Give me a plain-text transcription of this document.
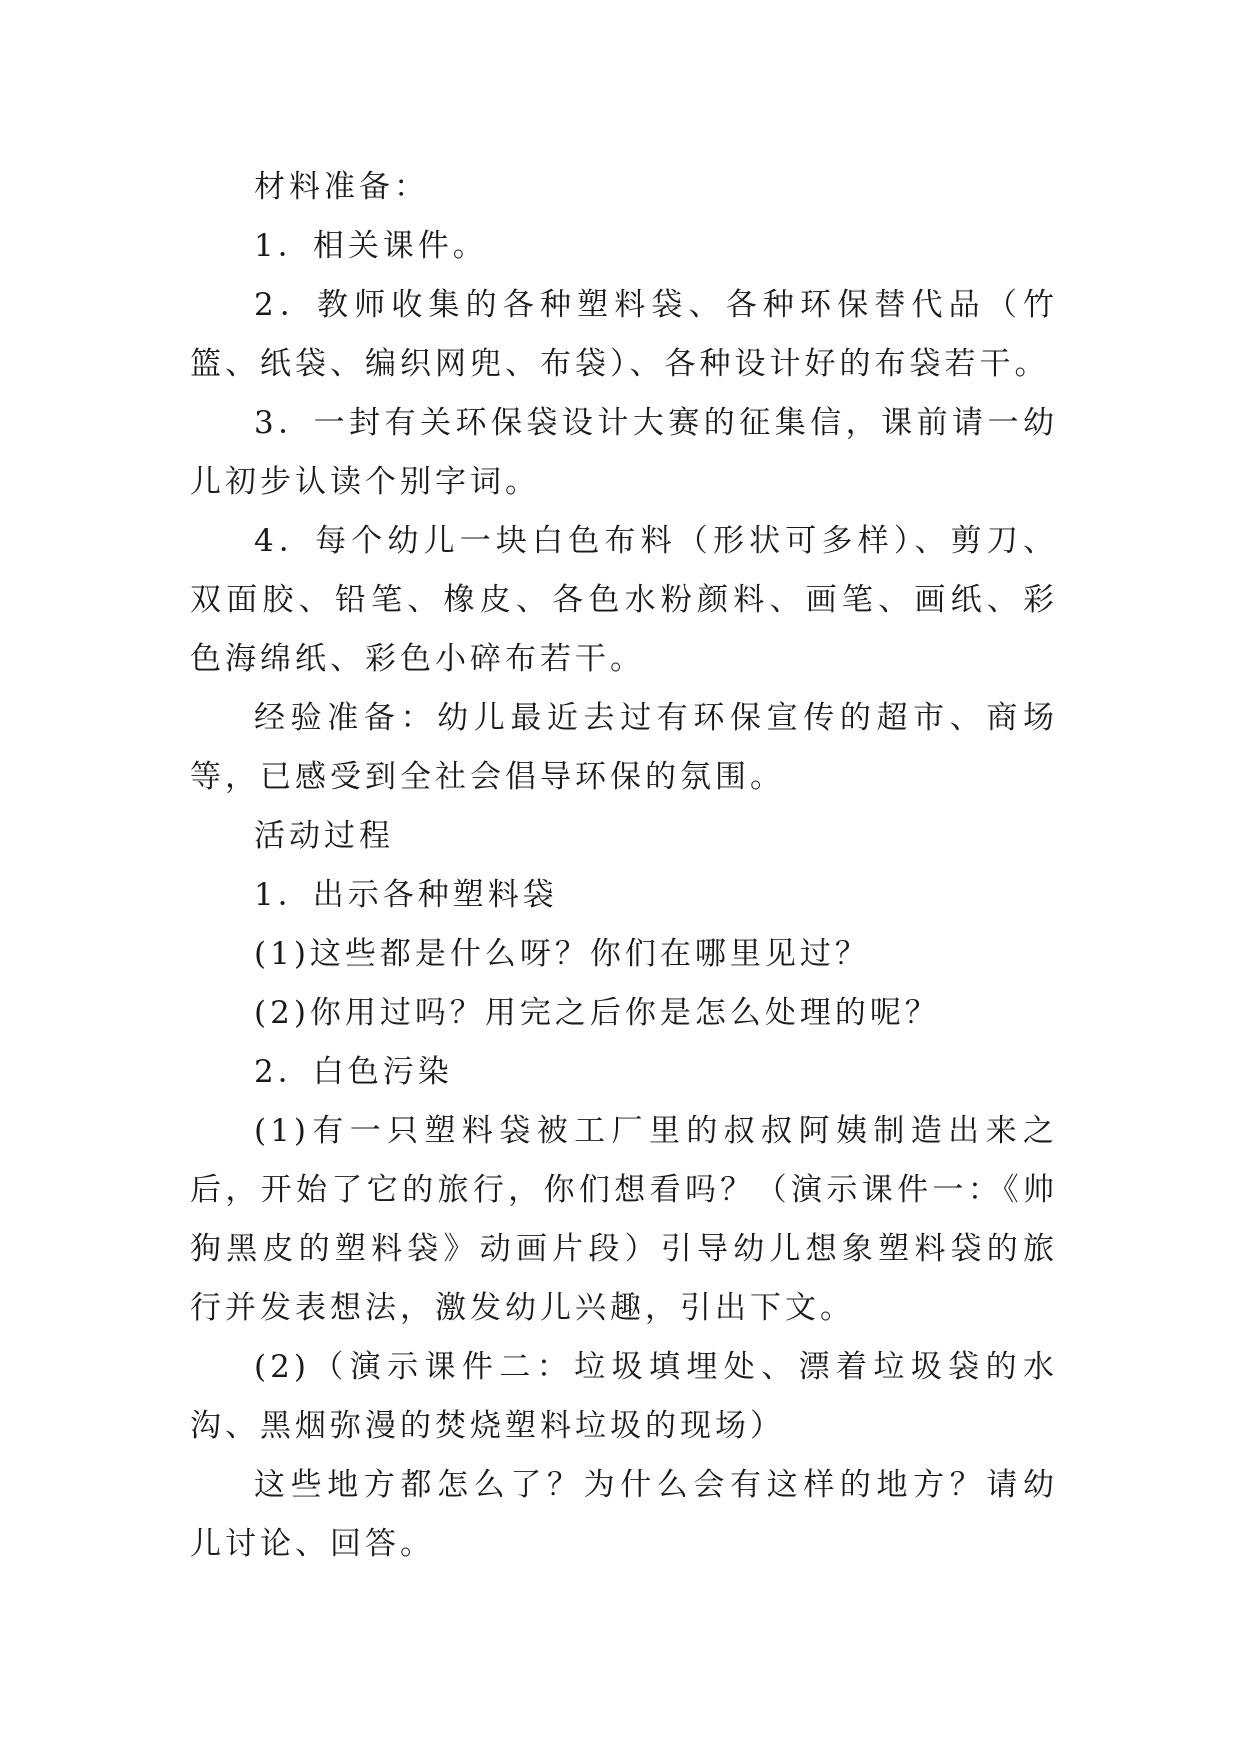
材料准备：

1．相关课件。

2．教师收集的各种塑料袋、各种环保替代品（竹篮、纸袋、编织网兜、布袋）、各种设计好的布袋若干。

3．一封有关环保袋设计大赛的征集信，课前请一幼儿初步认读个别字词。

4．每个幼儿一块白色布料（形状可多样）、剪刀、双面胶、铅笔、橡皮、各色水粉颜料、画笔、画纸、彩色海绵纸、彩色小碎布若干。

经验准备：幼儿最近去过有环保宣传的超市、商场等，已感受到全社会倡导环保的氛围。

活动过程

1．出示各种塑料袋

(1)这些都是什么呀？你们在哪里见过？

(2)你用过吗？用完之后你是怎么处理的呢？

2．白色污染

(1)有一只塑料袋被工厂里的叔叔阿姨制造出来之后，开始了它的旅行，你们想看吗？（演示课件一：《帅狗黑皮的塑料袋》动画片段）引导幼儿想象塑料袋的旅行并发表想法，激发幼儿兴趣，引出下文。

(2)（演示课件二：垃圾填埋处、漂着垃圾袋的水沟、黑烟弥漫的焚烧塑料垃圾的现场）

这些地方都怎么了？为什么会有这样的地方？请幼儿讨论、回答。
